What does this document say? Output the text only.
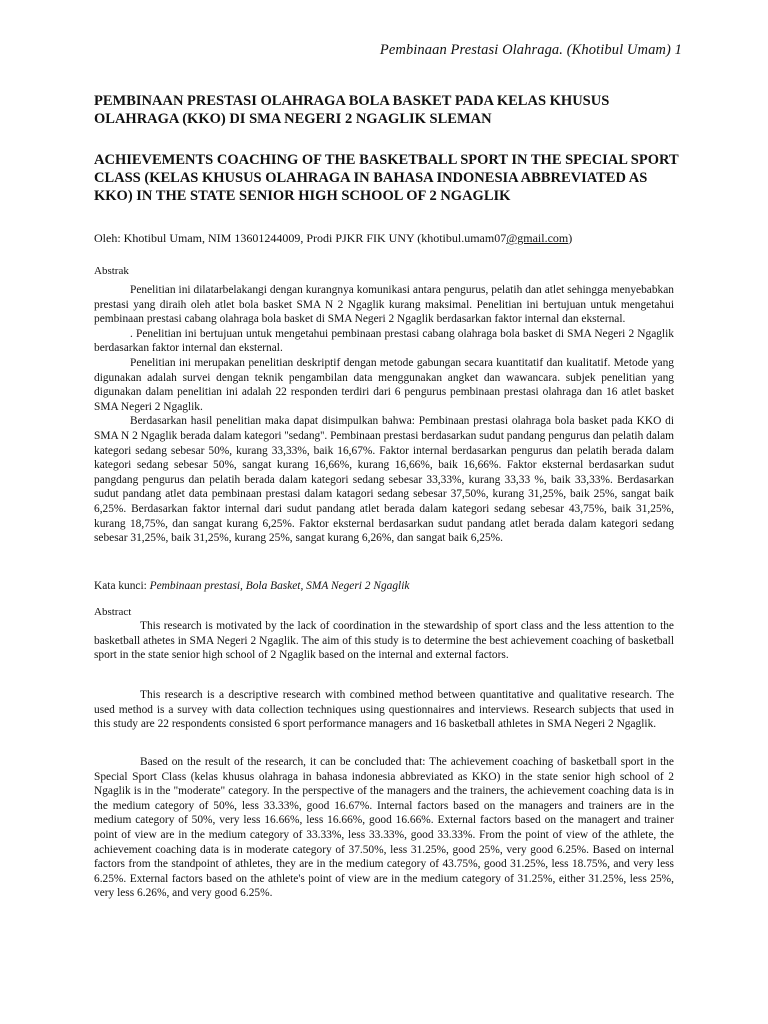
Pembinaan Prestasi Olahraga. (Khotibul Umam) 1
PEMBINAAN PRESTASI OLAHRAGA BOLA BASKET PADA KELAS KHUSUS OLAHRAGA (KKO) DI SMA NEGERI 2 NGAGLIK SLEMAN
ACHIEVEMENTS COACHING OF THE BASKETBALL SPORT IN THE SPECIAL SPORT CLASS (KELAS KHUSUS OLAHRAGA IN BAHASA INDONESIA ABBREVIATED AS KKO) IN THE STATE SENIOR HIGH SCHOOL OF 2 NGAGLIK
Oleh: Khotibul Umam, NIM 13601244009, Prodi PJKR FIK UNY (khotibul.umam07@gmail.com)
Abstrak

Penelitian ini dilatarbelakangi dengan kurangnya komunikasi antara pengurus, pelatih dan atlet sehingga menyebabkan prestasi yang diraih oleh atlet bola basket SMA N 2 Ngaglik kurang maksimal. Penelitian ini bertujuan untuk mengetahui pembinaan prestasi cabang olahraga bola basket di SMA Negeri 2 Ngaglik berdasarkan faktor internal dan eksternal.

. Penelitian ini bertujuan untuk mengetahui pembinaan prestasi cabang olahraga bola basket di SMA Negeri 2 Ngaglik berdasarkan faktor internal dan eksternal.

Penelitian ini merupakan penelitian deskriptif dengan metode gabungan secara kuantitatif dan kualitatif. Metode yang digunakan adalah survei dengan teknik pengambilan data menggunakan angket dan wawancara. subjek penelitian yang digunakan dalam penelitian ini adalah 22 responden terdiri dari 6 pengurus pembinaan prestasi olahraga dan 16 atlet basket SMA Negeri 2 Ngaglik.

Berdasarkan hasil penelitian maka dapat disimpulkan bahwa: Pembinaan prestasi olahraga bola basket pada KKO di SMA N 2 Ngaglik berada dalam kategori ''sedang''. Pembinaan prestasi berdasarkan sudut pandang pengurus dan pelatih dalam kategori sedang sebesar 50%, kurang 33,33%, baik 16,67%. Faktor internal berdasarkan pengurus dan pelatih berada dalam kategori sedang sebesar 50%, sangat kurang 16,66%, kurang 16,66%, baik 16,66%. Faktor eksternal berdasarkan sudut pangdang pengurus dan pelatih berada dalam kategori sedang sebesar 33,33%, kurang 33,33 %, baik 33,33%. Berdasarkan sudut pandang atlet data pembinaan prestasi dalam katagori sedang sebesar 37,50%, kurang 31,25%, baik 25%, sangat baik 6,25%. Berdasarkan faktor internal dari sudut pandang atlet berada dalam kategori sedang sebesar 43,75%, baik 31,25%, kurang 18,75%, dan sangat kurang 6,25%. Faktor eksternal berdasarkan sudut pandang atlet berada dalam kategori sedang sebesar 31,25%, baik 31,25%, kurang 25%, sangat kurang 6,26%, dan sangat baik 6,25%.

Kata kunci: Pembinaan prestasi, Bola Basket, SMA Negeri 2 Ngaglik
Abstract

This research is motivated by the lack of coordination in the stewardship of sport class and the less attention to the basketball athetes in SMA Negeri 2 Ngaglik. The aim of this study is to determine the best achievement coaching of basketball sport in the state senior high school of 2 Ngaglik based on the internal and external factors.

This research is a descriptive research with combined method between quantitative and qualitative research. The used method is a survey with data collection techniques using questionnaires and interviews. Research subjects that used in this study are 22 respondents consisted 6 sport performance managers and 16 basketball athletes in SMA Negeri 2 Ngaglik.

Based on the result of the research, it can be concluded that: The achievement coaching of basketball sport in the Special Sport Class (kelas khusus olahraga in bahasa indonesia abbreviated as KKO) in the state senior high school of 2 Ngaglik is in the "moderate" category. In the perspective of the managers and the trainers, the achievement coaching data is in the medium category of 50%, less 33.33%, good 16.67%. Internal factors based on the managers and trainers are in the medium category of 50%, very less 16.66%, less 16.66%, good 16.66%. External factors based on the managert and trainer point of view are in the medium category of 33.33%, less 33.33%, good 33.33%. From the point of view of the athlete, the achievement coaching data is in moderate category of 37.50%, less 31.25%, good 25%, very good 6.25%. Based on internal factors from the standpoint of athletes, they are in the medium category of 43.75%, good 31.25%, less 18.75%, and very less 6.25%. External factors based on the athlete's point of view are in the medium category of 31.25%, either 31.25%, less 25%, very less 6.26%, and very good 6.25%.
